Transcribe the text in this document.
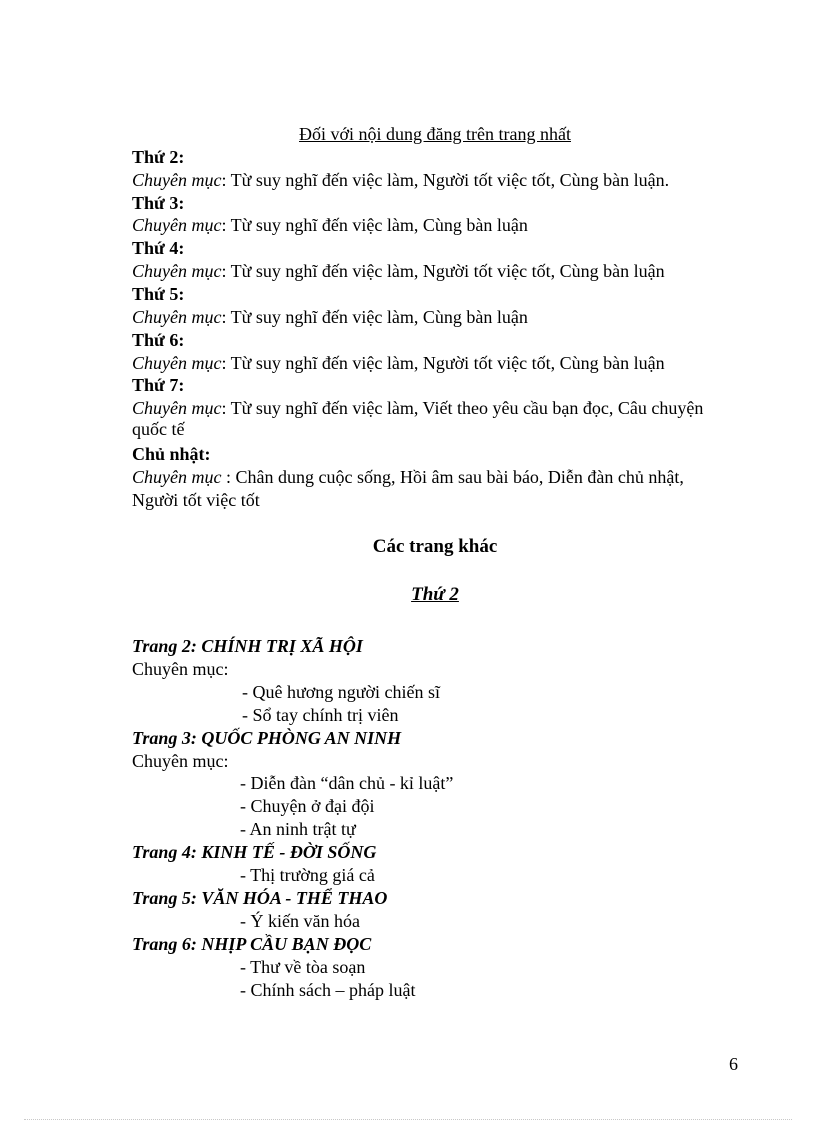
Đối với nội dung đăng trên trang nhất
Thứ 2:
Chuyên mục: Từ suy nghĩ đến việc làm, Người tốt việc tốt, Cùng bàn luận.
Thứ 3:
Chuyên mục: Từ suy nghĩ đến việc làm, Cùng bàn luận
Thứ 4:
Chuyên mục: Từ suy nghĩ đến việc làm, Người tốt việc tốt, Cùng bàn luận
Thứ 5:
Chuyên mục: Từ suy nghĩ đến việc làm, Cùng bàn luận
Thứ 6:
Chuyên mục: Từ suy nghĩ đến việc làm, Người tốt việc tốt, Cùng bàn luận
Thứ 7:
Chuyên mục: Từ suy nghĩ đến việc làm, Viết theo yêu cầu bạn đọc, Câu chuyện
quốc tế
Chủ nhật:
Chuyên mục : Chân dung cuộc sống, Hồi âm sau bài báo, Diễn đàn chủ nhật,
Người tốt việc tốt
Các trang khác
Thứ 2
Trang 2: CHÍNH TRỊ XÃ HỘI
Chuyên mục:
- Quê hương người chiến sĩ
- Sổ tay chính trị viên
Trang 3: QUỐC PHÒNG AN NINH
Chuyên mục:
- Diễn đàn “dân chủ - kỉ luật”
- Chuyện ở đại đội
- An ninh trật tự
Trang 4: KINH TẾ - ĐỜI SỐNG
- Thị trường giá cả
Trang 5: VĂN HÓA - THỂ THAO
- Ý kiến văn hóa
Trang 6: NHỊP CẦU BẠN ĐỌC
- Thư về tòa soạn
- Chính sách – pháp luật
6
